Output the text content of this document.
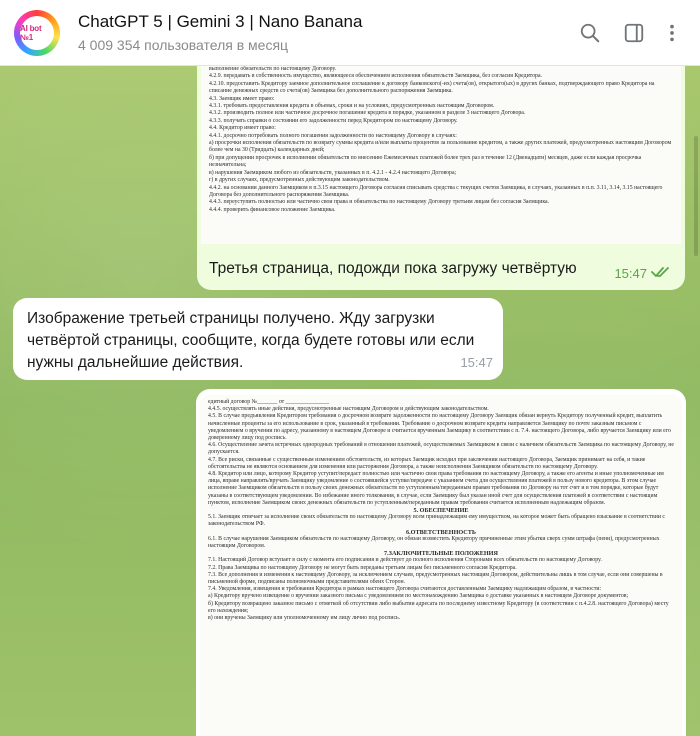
AI bot №1
ChatGPT 5 | Gemini 3 | Nano Banana
4 009 354 пользователя в месяц

выполнение обязательств по настоящему Договору.

4.2.9. передавать в собственность имущество, являющееся обеспечением исполнения обязательств Заемщика, без согласия Кредитора.

4.2.10. предоставить Кредитору заемное дополнительное соглашение к договору банковского(-их) счета(ов), открытого(ых) в других банках, подтверждающего право Кредитора на списание денежных средств со счета(ов) Заемщика без дополнительного распоряжения Заемщика.

4.3. Заемщик имеет право:

4.3.1. требовать предоставления кредита в объемах, сроки и на условиях, предусмотренных настоящим Договором.

4.3.2. производить полное или частичное досрочное погашение кредита в порядке, указанном в разделе 3 настоящего Договора.

4.3.3. получать справки о состоянии его задолженности перед Кредитором по настоящему Договору.

4.4. Кредитор имеет право:

4.4.1. досрочно потребовать полного погашения задолженности по настоящему Договору в случаях:

а) просрочки исполнения обязательств по возврату суммы кредита и/или выплаты процентов за пользование кредитом, а также других платежей, предусмотренных настоящим Договором более чем на 30 (Тридцать) календарных дней;

б) при допущении просрочек в исполнении обязательств по внесению Ежемесячных платежей более трех раз в течение 12 (Двенадцати) месяцев, даже если каждая просрочка незначительна;

в) нарушения Заемщиком любого из обязательств, указанных в п. 4.2.1 - 4.2.4 настоящего Договора;

г) в других случаях, предусмотренных действующим законодательством.

4.4.2. на основании данного Заемщиком в п.3.15 настоящего Договора согласия списывать средства с текущих счетов Заемщика, в случаях, указанных в п.п. 3.11, 3.14, 3.15 настоящего Договора без дополнительного распоряжения Заемщика.

4.4.3. переуступить полностью или частично свои права и обязательства по настоящему Договору третьим лицам без согласия Заемщика.

4.4.4. проверить финансовое положение Заемщика.

Третья страница, подожди пока загружу четвёртую	15:47
Изображение третьей страницы получено. Жду загрузки четвёртой страницы, сообщите, когда будете готовы или если нужны дальнейшие действия.	15:47

едитный договор №_______ от _______________

4.4.5. осуществлять иные действия, предусмотренные настоящим Договором и действующим законодательством.

4.5. В случае предъявления Кредитором требования о досрочном возврате задолженности по настоящему Договору Заемщик обязан вернуть Кредитору полученный кредит, выплатить начисленные проценты за его использование в срок, указанный в требовании. Требование о досрочном возврате кредита направляется Заемщику по почте заказным письмом с уведомлением о вручении по адресу, указанному в настоящем Договоре и считается врученным Заемщику в соответствии с п. 7.4. настоящего Договора, либо вручается Заемщику или его доверенному лицу под роспись.

4.6. Осуществление зачета встречных однородных требований в отношении платежей, осуществляемых Заемщиком в связи с наличием обязательств Заемщика по настоящему Договору, не допускается.

4.7. Все риски, связанные с существенным изменением обстоятельств, из которых Заемщик исходил при заключении настоящего Договора, Заемщик принимает на себя, и такие обстоятельства не являются основанием для изменения или расторжения Договора, а также неисполнения Заемщиком обязательств по настоящему Договору.

4.8. Кредитор или лицо, которому Кредитор уступит/передаст полностью или частично свои права требования по настоящему Договору, а также его агенты и иные уполномоченные им лица, вправе направлять/вручать Заемщику уведомление о состоявшейся уступке/передаче с указанием счета для осуществления платежей в пользу нового кредитора. В этом случае исполнение Заемщиком обязательств в пользу своих денежных обязательств по уступленным/переданным правам требования по Договору на тот счет и в том порядке, которые будут указаны в соответствующем уведомлении. Во избежание иного толкования, в случае, если Заемщику был указан иной счет для осуществления платежей в соответствии с настоящим пунктом, исполнение Заемщиком своих денежных обязательств по уступленным/переданным правам требования считается исполненным надлежащим образом.

5. ОБЕСПЕЧЕНИЕ

5.1. Заемщик отвечает за исполнение своих обязательств по настоящему Договору всем принадлежащим ему имуществом, на которое может быть обращено взыскание в соответствии с законодательством РФ.

6.ОТВЕТСТВЕННОСТЬ

6.1. В случае нарушения Заемщиком обязательств по настоящему Договору, он обязан возместить Кредитору причиненные этим убытки сверх сумм штрафа (пени), предусмотренных настоящим Договором.

7.ЗАКЛЮЧИТЕЛЬНЫЕ ПОЛОЖЕНИЯ

7.1. Настоящий Договор вступает в силу с момента его подписания и действует до полного исполнения Сторонами всех обязательств по настоящему Договору.

7.2. Права Заемщика по настоящему Договору не могут быть переданы третьим лицам без письменного согласия Кредитора.

7.3. Все дополнения и изменения к настоящему Договору, за исключением случаев, предусмотренных настоящим Договором, действительны лишь в том случае, если они совершены в письменной форме, подписаны полномочными представителями обеих Сторон.

7.4. Уведомления, извещения и требования Кредитора в рамках настоящего Договора считаются доставленными Заемщику надлежащим образом, в частности:

а) Кредитору вручено извещение о вручении заказного письма с уведомлением по местонахождению Заемщика о доставке указанных в настоящем Договоре документов;

б) Кредитору возвращено заказное письмо с отметкой об отсутствии либо выбытии адресата по последнему известному Кредитору (в соответствии с п.4.2.8. настоящего Договора) месту его нахождения;

в) они вручены Заемщику или уполномоченному им лицу лично под роспись.
